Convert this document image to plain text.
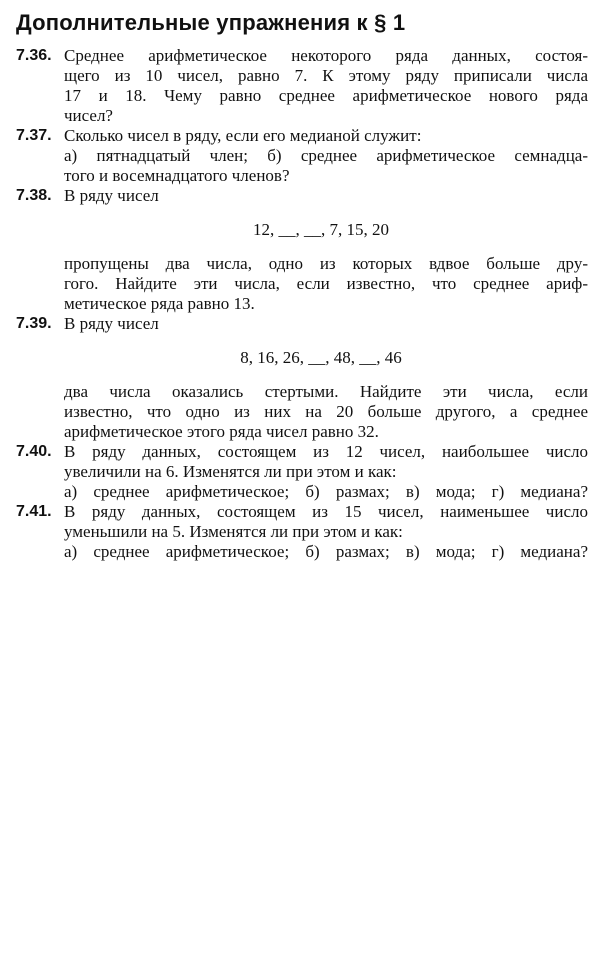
Дополнительные упражнения к § 1
7.36. Среднее арифметическое некоторого ряда данных, состоя-
щего из 10 чисел, равно 7. К этому ряду приписали числа
17 и 18. Чему равно среднее арифметическое нового ряда
чисел?
7.37. Сколько чисел в ряду, если его медианой служит:
а) пятнадцатый член; б) среднее арифметическое семнадца-
того и восемнадцатого членов?
7.38. В ряду чисел
12, __, __, 7, 15, 20
пропущены два числа, одно из которых вдвое больше дру-
гого. Найдите эти числа, если известно, что среднее ариф-
метическое ряда равно 13.
7.39. В ряду чисел
8, 16, 26, __, 48, __, 46
два числа оказались стертыми. Найдите эти числа, если
известно, что одно из них на 20 больше другого, а среднее
арифметическое этого ряда чисел равно 32.
7.40. В ряду данных, состоящем из 12 чисел, наибольшее число
увеличили на 6. Изменятся ли при этом и как:
а) среднее арифметическое; б) размах; в) мода; г) медиана?
7.41. В ряду данных, состоящем из 15 чисел, наименьшее число
уменьшили на 5. Изменятся ли при этом и как:
а) среднее арифметическое; б) размах; в) мода; г) медиана?
